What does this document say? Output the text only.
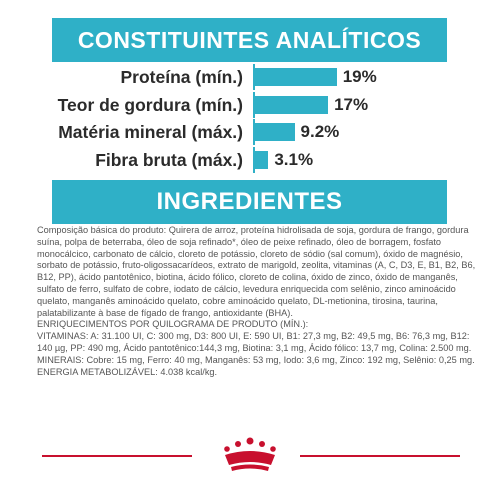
CONSTITUINTES ANALÍTICOS
Proteína (mín.)	19%
Teor de gordura (mín.)	17%
Matéria mineral (máx.)	9.2%
Fibra bruta (máx.) 3.1%
INGREDIENTES

Composição básica do produto: Quirera de arroz, proteína hidrolisada de soja, gordura de frango, gordura suína, polpa de beterraba, óleo de soja refinado*, óleo de peixe refinado, óleo de borragem, fosfato monocálcico, carbonato de cálcio, cloreto de potássio, cloreto de sódio (sal comum), óxido de magnésio, sorbato de potássio, fruto-oligossacarídeos, extrato de marigold, zeolita, vitaminas (A, C, D3, E, B1, B2, B6, B12, PP), ácido pantotênico, biotina, ácido fólico, cloreto de colina, óxido de zinco, óxido de manganês, sulfato de ferro, sulfato de cobre, iodato de cálcio, levedura enriquecida com selênio, zinco aminoácido quelato, manganês aminoácido quelato, cobre aminoácido quelato, DL-metionina, tirosina, taurina, palatabilizante à base de fígado de frango, antioxidante (BHA).

ENRIQUECIMENTOS POR QUILOGRAMA DE PRODUTO (MÍN.):

VITAMINAS: A: 31.100 UI, C: 300 mg, D3: 800 UI, E: 590 UI, B1: 27,3 mg, B2: 49,5 mg, B6: 76,3 mg, B12: 140 µg, PP: 490 mg, Ácido pantotênico:144,3 mg, Biotina: 3,1 mg, Ácido fólico: 13,7 mg, Colina: 2.500 mg.

MINERAIS: Cobre: 15 mg, Ferro: 40 mg, Manganês: 53 mg, Iodo: 3,6 mg, Zinco: 192 mg, Selênio: 0,25 mg.

ENERGIA METABOLIZÁVEL: 4.038 kcal/kg.
